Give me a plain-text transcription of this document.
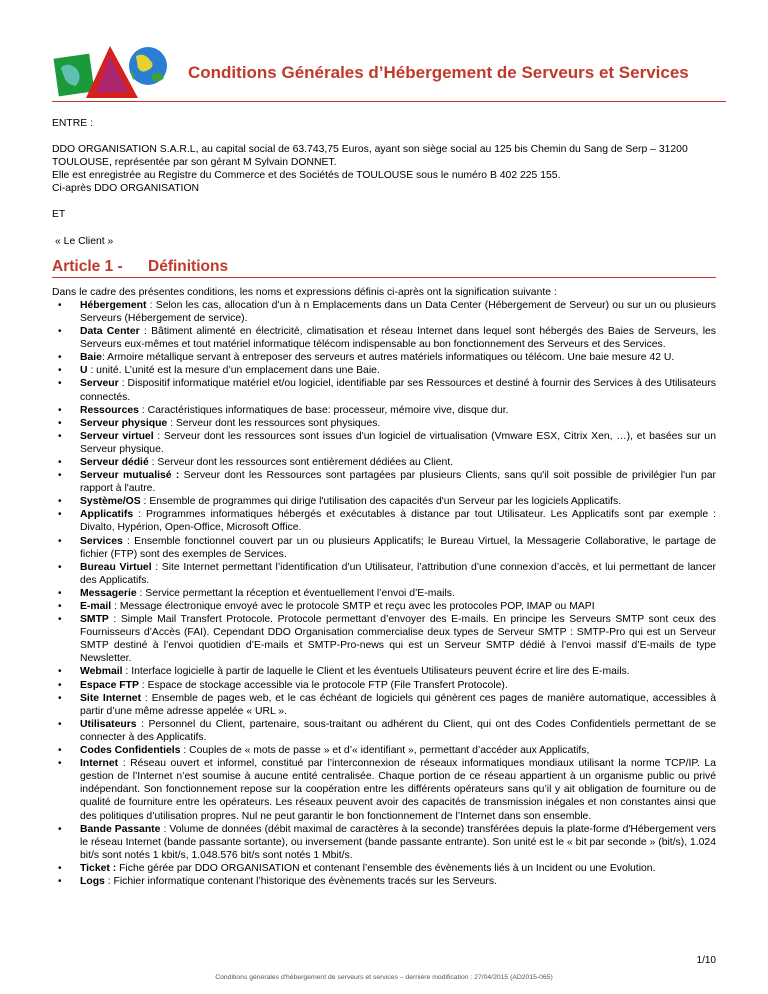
Conditions Générales d’Hébergement de Serveurs et Services

ENTRE :

DDO ORGANISATION S.A.R.L, au capital social de 63.743,75 Euros, ayant son siège social au 125 bis Chemin du Sang de Serp – 31200 TOULOUSE, représentée par son gérant M Sylvain DONNET.

Elle est enregistrée au Registre du Commerce et des Sociétés de TOULOUSE sous le numéro B 402 225 155.

Ci-après DDO ORGANISATION

ET

« Le Client »

Article 1 -	Définitions

Dans le cadre des présentes conditions, les noms et expressions définis ci-après ont la signification suivante :

• Hébergement : Selon les cas, allocation d’un à n Emplacements dans un Data Center (Hébergement de Serveur) ou sur un ou plusieurs Serveurs (Hébergement de service).
• Data Center : Bâtiment alimenté en électricité, climatisation et réseau Internet dans lequel sont hébergés des Baies de Serveurs, les Serveurs eux-mêmes et tout matériel informatique télécom indispensable au bon fonctionnement des Serveurs et des Services.
• Baie: Armoire métallique servant à entreposer des serveurs et autres matériels informatiques ou télécom. Une baie mesure 42 U.
• U : unité. L’unité est la mesure d’un emplacement dans une Baie.
• Serveur : Dispositif informatique matériel et/ou logiciel, identifiable par ses Ressources et destiné à fournir des Services à des Utilisateurs connectés.
• Ressources : Caractéristiques informatiques de base: processeur, mémoire vive, disque dur.
• Serveur physique : Serveur dont les ressources sont physiques.
• Serveur virtuel : Serveur dont les ressources sont issues d'un logiciel de virtualisation (Vmware ESX, Citrix Xen, …), et basées sur un Serveur physique.
• Serveur dédié : Serveur dont les ressources sont entièrement dédiées au Client.
• Serveur mutualisé : Serveur dont les Ressources sont partagées par plusieurs Clients, sans qu'il soit possible de privilégier l'un par rapport à l'autre.
• Système/OS : Ensemble de programmes qui dirige l'utilisation des capacités d'un Serveur par les logiciels Applicatifs.
• Applicatifs : Programmes informatiques hébergés et exécutables à distance par tout Utilisateur. Les Applicatifs sont par exemple : Divalto, Hypérion, Open-Office, Microsoft Office.
• Services : Ensemble fonctionnel couvert par un ou plusieurs Applicatifs; le Bureau Virtuel, la Messagerie Collaborative, le partage de fichier (FTP) sont des exemples de Services.
• Bureau Virtuel : Site Internet permettant l’identification d’un Utilisateur, l’attribution d’une connexion d’accès, et lui permettant de lancer des Applicatifs.
• Messagerie : Service permettant la réception et éventuellement l’envoi d’E-mails.
• E-mail : Message électronique envoyé avec le protocole SMTP et reçu avec les protocoles POP, IMAP ou MAPI
• SMTP : Simple Mail Transfert Protocole. Protocole permettant d’envoyer des E-mails. En principe les Serveurs SMTP sont ceux des Fournisseurs d’Accès (FAI). Cependant DDO Organisation commercialise deux types de Serveur SMTP : SMTP-Pro qui est un Serveur SMTP destiné à l’envoi quotidien d’E-mails et SMTP-Pro-news qui est un Serveur SMTP dédié à l’envoi massif d’E-mails de type Newsletter.
• Webmail : Interface logicielle à partir de laquelle le Client et les éventuels Utilisateurs peuvent écrire et lire des E-mails.
• Espace FTP : Espace de stockage accessible via le protocole FTP (File Transfert Protocole).
• Site Internet : Ensemble de pages web, et le cas échéant de logiciels qui génèrent ces pages de manière automatique, accessibles à partir d’une même adresse appelée « URL ».
• Utilisateurs : Personnel du Client, partenaire, sous-traitant ou adhérent du Client, qui ont des Codes Confidentiels permettant de se connecter à des Applicatifs.
• Codes Confidentiels : Couples de « mots de passe » et d’« identifiant », permettant d’accéder aux Applicatifs,
• Internet : Réseau ouvert et informel, constitué par l’interconnexion de réseaux informatiques mondiaux utilisant la norme TCP/IP. La gestion de l’Internet n’est soumise à aucune entité centralisée. Chaque portion de ce réseau appartient à un organisme public ou privé indépendant. Son fonctionnement repose sur la coopération entre les différents opérateurs sans qu’il y ait obligation de fourniture ou de qualité de fourniture entre les opérateurs. Les réseaux peuvent avoir des capacités de transmission inégales et non constantes ainsi que des politiques d’utilisation propres. Nul ne peut garantir le bon fonctionnement de l’Internet dans son ensemble.
• Bande Passante : Volume de données (débit maximal de caractères à la seconde) transférées depuis la plate-forme d'Hébergement vers le réseau Internet (bande passante sortante), ou inversement (bande passante entrante). Son unité est le « bit par seconde » (bit/s), 1.024 bit/s sont notés 1 kbit/s, 1.048.576 bit/s sont notés 1 Mbit/s.
• Ticket : Fiche gérée par DDO ORGANISATION et contenant l’ensemble des évènements liés à un Incident ou une Evolution.
• Logs : Fichier informatique contenant l’historique des évènements tracés sur les Serveurs.
1/10
Conditions générales d'hébergement de serveurs et services – dernière modification : 27/04/2015 (AD2015-065)
